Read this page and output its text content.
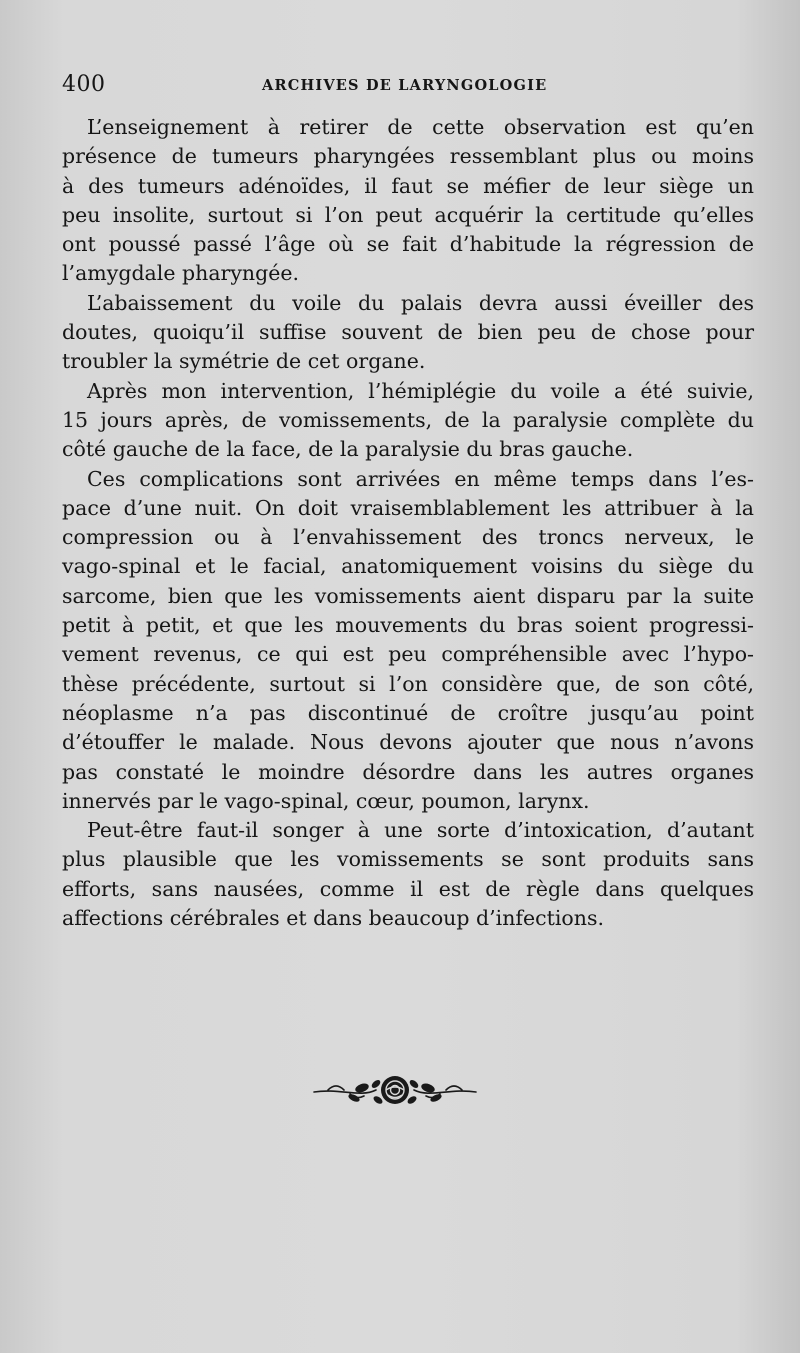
400	ARCHIVES DE LARYNGOLOGIE

L’enseignement à retirer de cette observation est qu’en
présence de tumeurs pharyngées ressemblant plus ou moins
à des tumeurs adénoïdes, il faut se méfier de leur siège un
peu insolite, surtout si l’on peut acquérir la certitude qu’elles
ont poussé passé l’âge où se fait d’habitude la régression de
l’amygdale pharyngée.

L’abaissement du voile du palais devra aussi éveiller des
doutes, quoiqu’il suffise souvent de bien peu de chose pour
troubler la symétrie de cet organe.

Après mon intervention, l’hémiplégie du voile a été suivie,
15 jours après, de vomissements, de la paralysie complète du
côté gauche de la face, de la paralysie du bras gauche.

Ces complications sont arrivées en même temps dans l’es-
pace d’une nuit. On doit vraisemblablement les attribuer à la
compression ou à l’envahissement des troncs nerveux, le
vago-spinal et le facial, anatomiquement voisins du siège du
sarcome, bien que les vomissements aient disparu par la suite
petit à petit, et que les mouvements du bras soient progressi-
vement revenus, ce qui est peu compréhensible avec l’hypo-
thèse précédente, surtout si l’on considère que, de son côté,
néoplasme n’a pas discontinué de croître jusqu’au point
d’étouffer le malade. Nous devons ajouter que nous n’avons
pas constaté le moindre désordre dans les autres organes
innervés par le vago-spinal, cœur, poumon, larynx.

Peut-être faut-il songer à une sorte d’intoxication, d’autant
plus plausible que les vomissements se sont produits sans
efforts, sans nausées, comme il est de règle dans quelques
affections cérébrales et dans beaucoup d’infections.
